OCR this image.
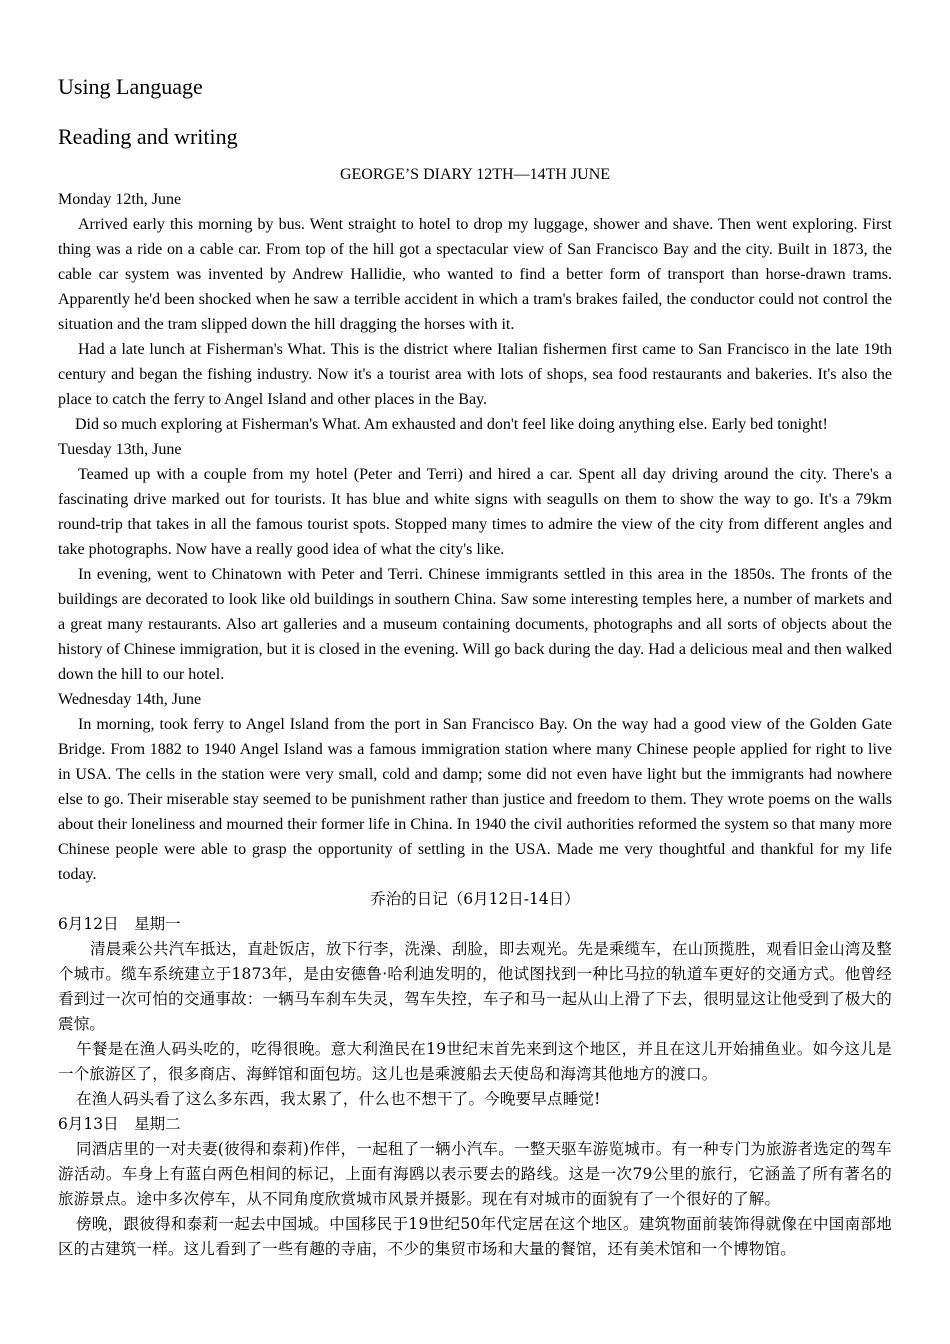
Using Language
Reading and writing
GEORGE’S DIARY 12TH—14TH JUNE
Monday 12th, June

Arrived early this morning by bus. Went straight to hotel to drop my luggage, shower and shave. Then went exploring. First thing was a ride on a cable car. From top of the hill got a spectacular view of San Francisco Bay and the city. Built in 1873, the cable car system was invented by Andrew Hallidie, who wanted to find a better form of transport than horse-drawn trams. Apparently he'd been shocked when he saw a terrible accident in which a tram's brakes failed, the conductor could not control the situation and the tram slipped down the hill dragging the horses with it.

Had a late lunch at Fisherman's What. This is the district where Italian fishermen first came to San Francisco in the late 19th century and began the fishing industry. Now it's a tourist area with lots of shops, sea food restaurants and bakeries. It's also the place to catch the ferry to Angel Island and other places in the Bay.

Did so much exploring at Fisherman's What. Am exhausted and don't feel like doing anything else. Early bed tonight!

Tuesday 13th, June

Teamed up with a couple from my hotel (Peter and Terri) and hired a car. Spent all day driving around the city. There's a fascinating drive marked out for tourists. It has blue and white signs with seagulls on them to show the way to go. It's a 79km round-trip that takes in all the famous tourist spots. Stopped many times to admire the view of the city from different angles and take photographs. Now have a really good idea of what the city's like.

In evening, went to Chinatown with Peter and Terri. Chinese immigrants settled in this area in the 1850s. The fronts of the buildings are decorated to look like old buildings in southern China. Saw some interesting temples here, a number of markets and a great many restaurants. Also art galleries and a museum containing documents, photographs and all sorts of objects about the history of Chinese immigration, but it is closed in the evening. Will go back during the day. Had a delicious meal and then walked down the hill to our hotel.

Wednesday 14th, June

In morning, took ferry to Angel Island from the port in San Francisco Bay. On the way had a good view of the Golden Gate Bridge. From 1882 to 1940 Angel Island was a famous immigration station where many Chinese people applied for right to live in USA. The cells in the station were very small, cold and damp; some did not even have light but the immigrants had nowhere else to go. Their miserable stay seemed to be punishment rather than justice and freedom to them. They wrote poems on the walls about their loneliness and mourned their former life in China. In 1940 the civil authorities reformed the system so that many more Chinese people were able to grasp the opportunity of settling in the USA. Made me very thoughtful and thankful for my life today.

乔治的日记（6月12日-14日）
6月12日　星期一

清晨乘公共汽车抵达，直赴饭店，放下行李，洗澡、刮脸，即去观光。先是乘缆车，在山顶揽胜，观看旧金山湾及整个城市。缆车系统建立于1873年，是由安德鲁·哈利迪发明的，他试图找到一种比马拉的轨道车更好的交通方式。他曾经看到过一次可怕的交通事故：一辆马车刹车失灵，驾车失控，车子和马一起从山上滑了下去，很明显这让他受到了极大的震惊。

午餐是在渔人码头吃的，吃得很晚。意大利渔民在19世纪末首先来到这个地区，并且在这儿开始捕鱼业。如今这儿是一个旅游区了，很多商店、海鲜馆和面包坊。这儿也是乘渡船去天使岛和海湾其他地方的渡口。

在渔人码头看了这么多东西，我太累了，什么也不想干了。今晚要早点睡觉!

6月13日　星期二

同酒店里的一对夫妻(彼得和泰莉)作伴，一起租了一辆小汽车。一整天驱车游览城市。有一种专门为旅游者选定的驾车游活动。车身上有蓝白两色相间的标记，上面有海鸥以表示要去的路线。这是一次79公里的旅行，它涵盖了所有著名的旅游景点。途中多次停车，从不同角度欣赏城市风景并摄影。现在有对城市的面貌有了一个很好的了解。

傍晚，跟彼得和泰莉一起去中国城。中国移民于19世纪50年代定居在这个地区。建筑物面前装饰得就像在中国南部地区的古建筑一样。这儿看到了一些有趣的寺庙，不少的集贸市场和大量的餐馆，还有美术馆和一个博物馆。
